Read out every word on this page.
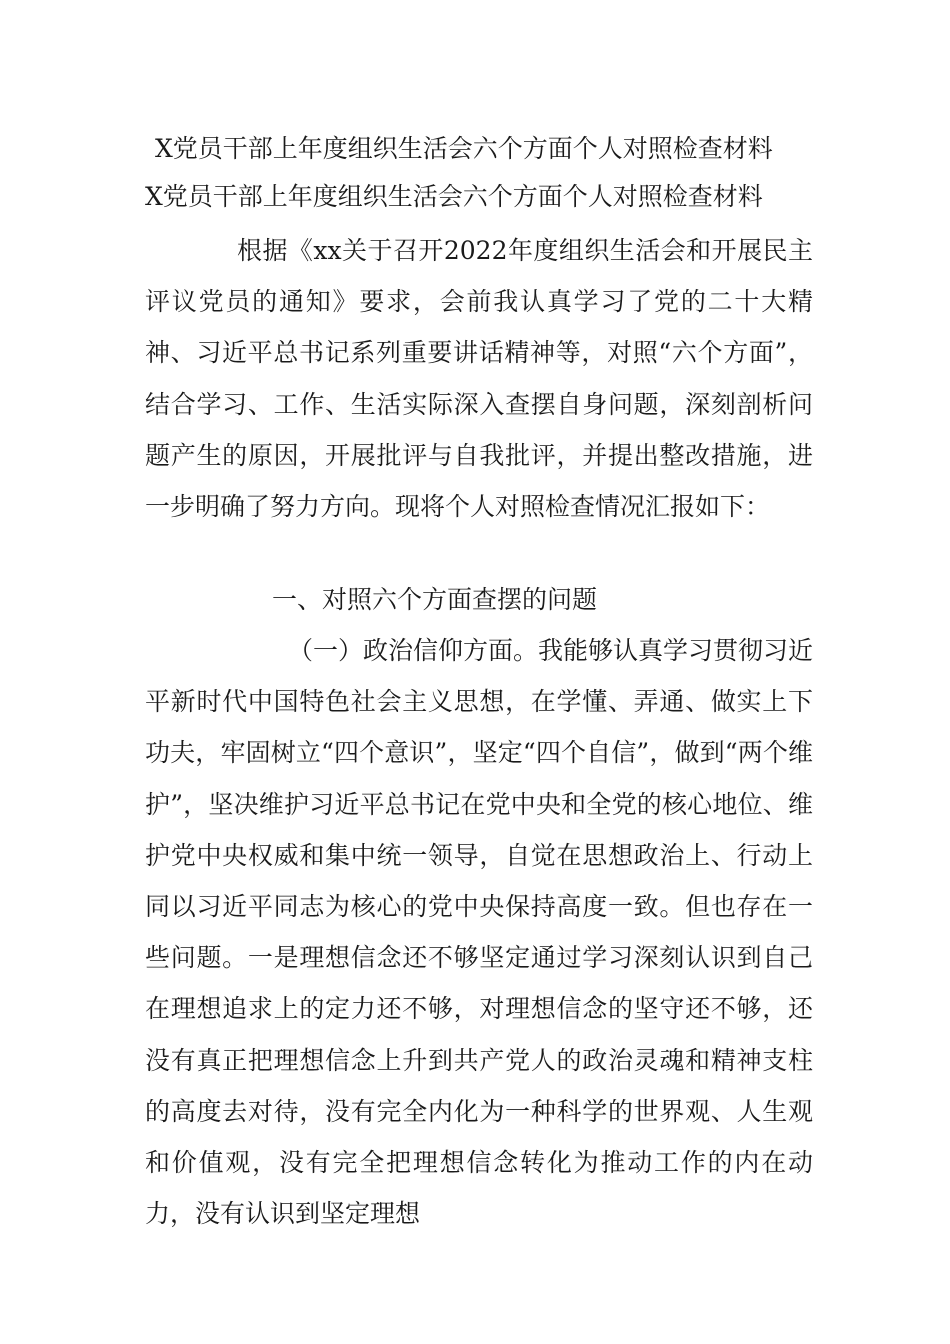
X党员干部上年度组织生活会六个方面个人对照检查材料
X党员干部上年度组织生活会六个方面个人对照检查材料

根据《xx关于召开2022年度组织生活会和开展民主评议党员的通知》要求，会前我认真学习了党的二十大精神、习近平总书记系列重要讲话精神等，对照“六个方面”，结合学习、工作、生活实际深入查摆自身问题，深刻剖析问题产生的原因，开展批评与自我批评，并提出整改措施，进一步明确了努力方向。现将个人对照检查情况汇报如下：

一、对照六个方面查摆的问题

（一）政治信仰方面。我能够认真学习贯彻习近平新时代中国特色社会主义思想，在学懂、弄通、做实上下功夫，牢固树立“四个意识”，坚定“四个自信”，做到“两个维护”，坚决维护习近平总书记在党中央和全党的核心地位、维护党中央权威和集中统一领导，自觉在思想政治上、行动上同以习近平同志为核心的党中央保持高度一致。但也存在一些问题。一是理想信念还不够坚定通过学习深刻认识到自己在理想追求上的定力还不够，对理想信念的坚守还不够，还没有真正把理想信念上升到共产党人的政治灵魂和精神支柱的高度去对待，没有完全内化为一种科学的世界观、人生观和价值观，没有完全把理想信念转化为推动工作的内在动力，没有认识到坚定理想
